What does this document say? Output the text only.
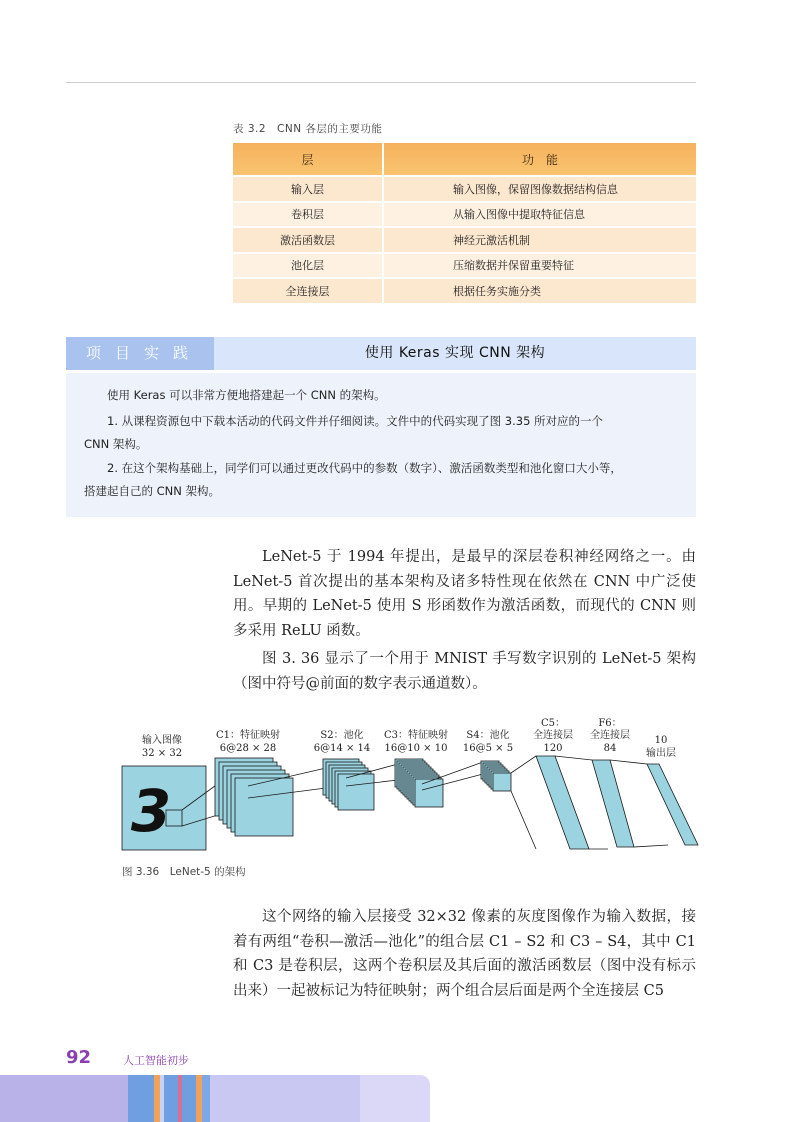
表 3.2　CNN 各层的主要功能
层	功　能
输入层	输入图像，保留图像数据结构信息
卷积层	从输入图像中提取特征信息
激活函数层	神经元激活机制
池化层	压缩数据并保留重要特征
全连接层	根据任务实施分类
项目实践	使用 Keras 实现 CNN 架构

使用 Keras 可以非常方便地搭建起一个 CNN 的架构。

1. 从课程资源包中下载本活动的代码文件并仔细阅读。文件中的代码实现了图 3.35 所对应的一个

CNN 架构。

2. 在这个架构基础上，同学们可以通过更改代码中的参数（数字）、激活函数类型和池化窗口大小等，

搭建起自己的 CNN 架构。

LeNet-5 于 1994 年提出，是最早的深层卷积神经网络之一。由 LeNet-5 首次提出的基本架构及诸多特性现在依然在 CNN 中广泛使用。早期的 LeNet-5 使用 S 形函数作为激活函数，而现代的 CNN 则多采用 ReLU 函数。

图 3. 36 显示了一个用于 MNIST 手写数字识别的 LeNet-5 架构（图中符号@前面的数字表示通道数）。

输入图像
32 × 32
C1：特征映射
6@28 × 28
S2：池化
6@14 × 14
C3：特征映射
16@10 × 10
S4：池化
16@5 × 5
C5：
全连接层
120
F6：
全连接层
84
10
输出层
3
图 3.36　LeNet-5 的架构

这个网络的输入层接受 32×32 像素的灰度图像作为输入数据，接着有两组“卷积—激活—池化”的组合层 C1 – S2 和 C3 – S4，其中 C1 和 C3 是卷积层，这两个卷积层及其后面的激活函数层（图中没有标示出来）一起被标记为特征映射；两个组合层后面是两个全连接层 C5

92	人工智能初步
